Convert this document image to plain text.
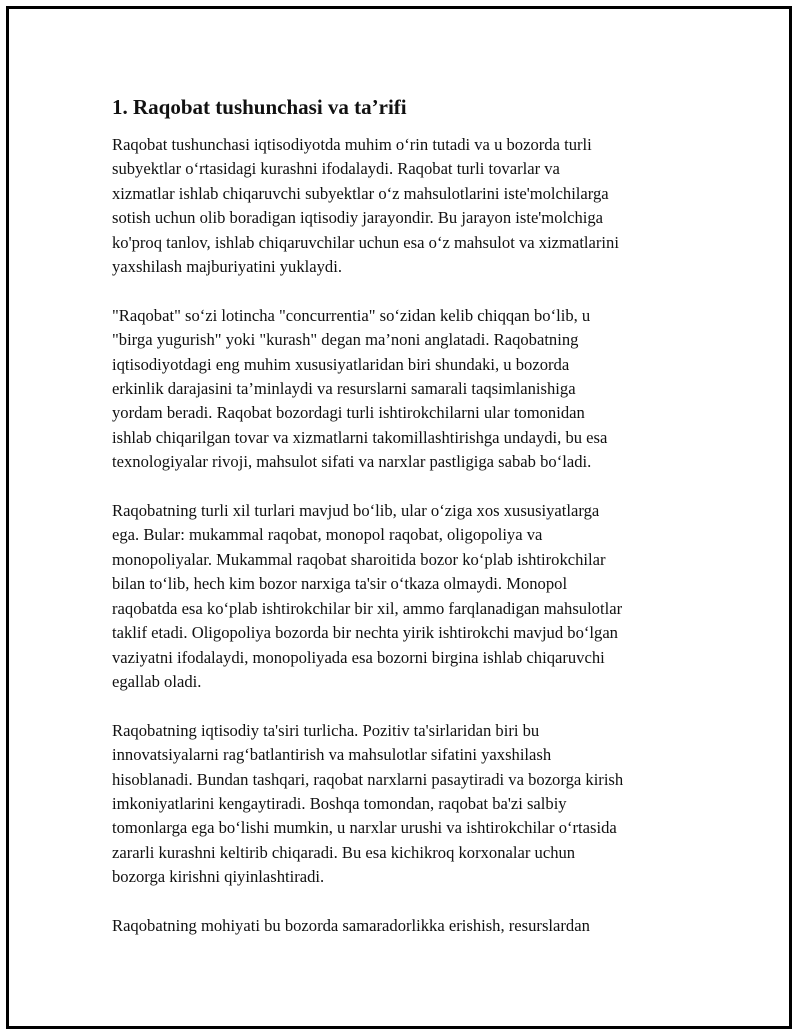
1. Raqobat tushunchasi va ta’rifi
Raqobat tushunchasi iqtisodiyotda muhim o‘rin tutadi va u bozorda turli
subyektlar o‘rtasidagi kurashni ifodalaydi. Raqobat turli tovarlar va
xizmatlar ishlab chiqaruvchi subyektlar o‘z mahsulotlarini iste'molchilarga
sotish uchun olib boradigan iqtisodiy jarayondir. Bu jarayon iste'molchiga
ko'proq tanlov, ishlab chiqaruvchilar uchun esa o‘z mahsulot va xizmatlarini
yaxshilash majburiyatini yuklaydi.
"Raqobat" so‘zi lotincha "concurrentia" so‘zidan kelib chiqqan bo‘lib, u
"birga yugurish" yoki "kurash" degan ma’noni anglatadi. Raqobatning
iqtisodiyotdagi eng muhim xususiyatlaridan biri shundaki, u bozorda
erkinlik darajasini ta’minlaydi va resurslarni samarali taqsimlanishiga
yordam beradi. Raqobat bozordagi turli ishtirokchilarni ular tomonidan
ishlab chiqarilgan tovar va xizmatlarni takomillashtirishga undaydi, bu esa
texnologiyalar rivoji, mahsulot sifati va narxlar pastligiga sabab bo‘ladi.
Raqobatning turli xil turlari mavjud bo‘lib, ular o‘ziga xos xususiyatlarga
ega. Bular: mukammal raqobat, monopol raqobat, oligopoliya va
monopoliyalar. Mukammal raqobat sharoitida bozor ko‘plab ishtirokchilar
bilan to‘lib, hech kim bozor narxiga ta'sir o‘tkaza olmaydi. Monopol
raqobatda esa ko‘plab ishtirokchilar bir xil, ammo farqlanadigan mahsulotlar
taklif etadi. Oligopoliya bozorda bir nechta yirik ishtirokchi mavjud bo‘lgan
vaziyatni ifodalaydi, monopoliyada esa bozorni birgina ishlab chiqaruvchi
egallab oladi.
Raqobatning iqtisodiy ta'siri turlicha. Pozitiv ta'sirlaridan biri bu
innovatsiyalarni rag‘batlantirish va mahsulotlar sifatini yaxshilash
hisoblanadi. Bundan tashqari, raqobat narxlarni pasaytiradi va bozorga kirish
imkoniyatlarini kengaytiradi. Boshqa tomondan, raqobat ba'zi salbiy
tomonlarga ega bo‘lishi mumkin, u narxlar urushi va ishtirokchilar o‘rtasida
zararli kurashni keltirib chiqaradi. Bu esa kichikroq korxonalar uchun
bozorga kirishni qiyinlashtiradi.
Raqobatning mohiyati bu bozorda samaradorlikka erishish, resurslardan
